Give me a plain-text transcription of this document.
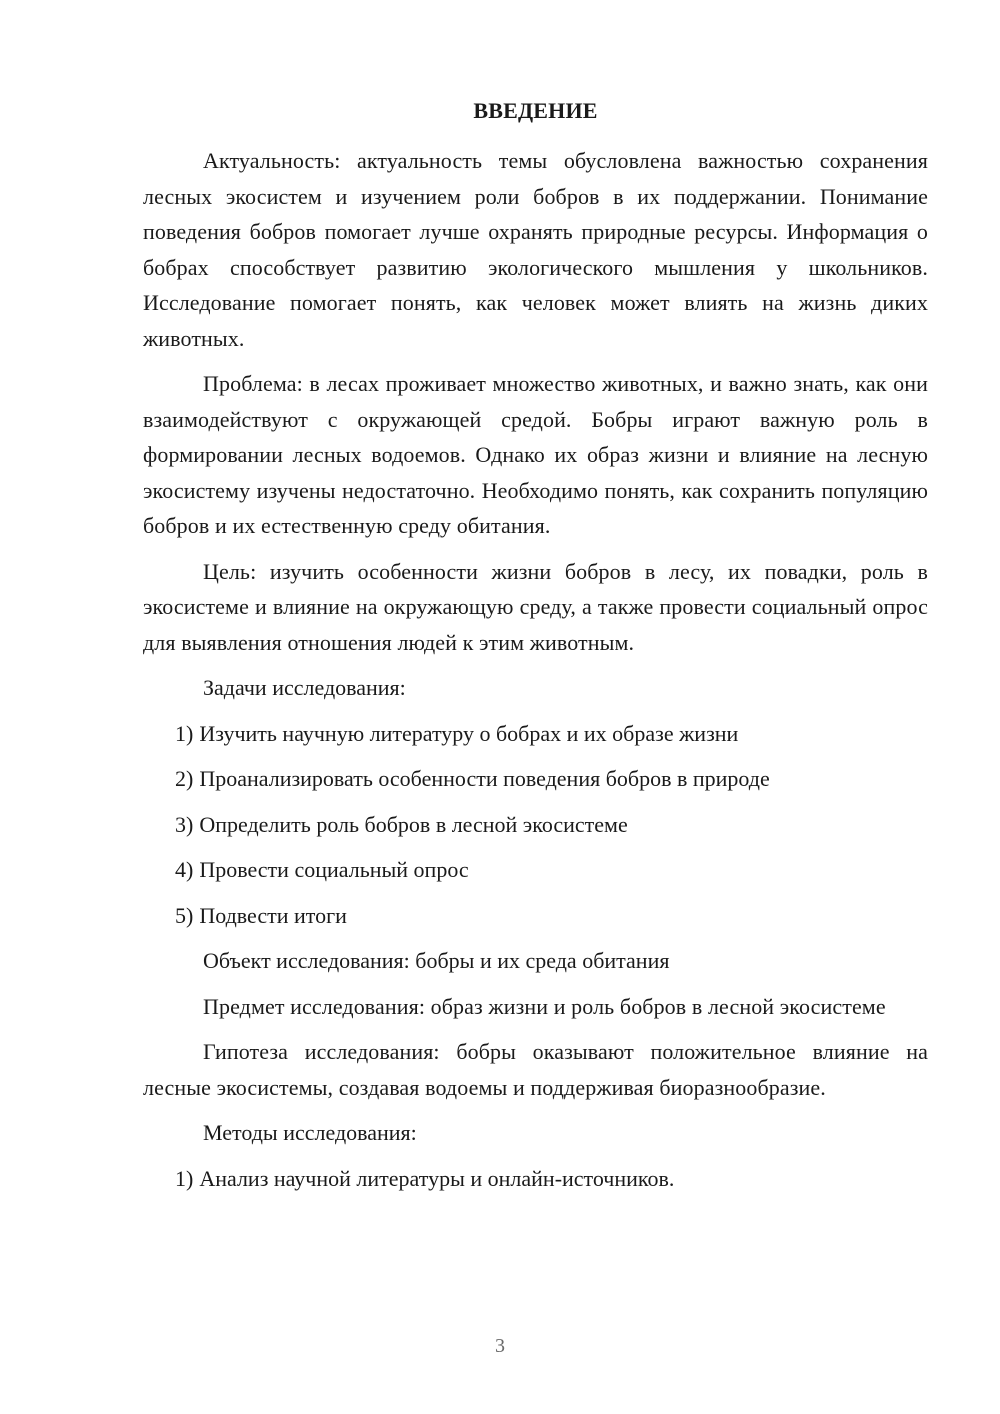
ВВЕДЕНИЕ

Актуальность: актуальность темы обусловлена важностью сохранения лесных экосистем и изучением роли бобров в их поддержании. Понимание поведения бобров помогает лучше охранять природные ресурсы. Информация о бобрах способствует развитию экологического мышления у школьников. Исследование помогает понять, как человек может влиять на жизнь диких животных.

Проблема: в лесах проживает множество животных, и важно знать, как они взаимодействуют с окружающей средой. Бобры играют важную роль в формировании лесных водоемов. Однако их образ жизни и влияние на лесную экосистему изучены недостаточно. Необходимо понять, как сохранить популяцию бобров и их естественную среду обитания.

Цель: изучить особенности жизни бобров в лесу, их повадки, роль в экосистеме и влияние на окружающую среду, а также провести социальный опрос для выявления отношения людей к этим животным.

Задачи исследования:
1) Изучить научную литературу о бобрах и их образе жизни
2) Проанализировать особенности поведения бобров в природе
3) Определить роль бобров в лесной экосистеме
4) Провести социальный опрос
5) Подвести итоги
Объект исследования: бобры и их среда обитания

Предмет исследования: образ жизни и роль бобров в лесной экосистеме

Гипотеза исследования: бобры оказывают положительное влияние на лесные экосистемы, создавая водоемы и поддерживая биоразнообразие.

Методы исследования:
1) Анализ научной литературы и онлайн-источников.
3
